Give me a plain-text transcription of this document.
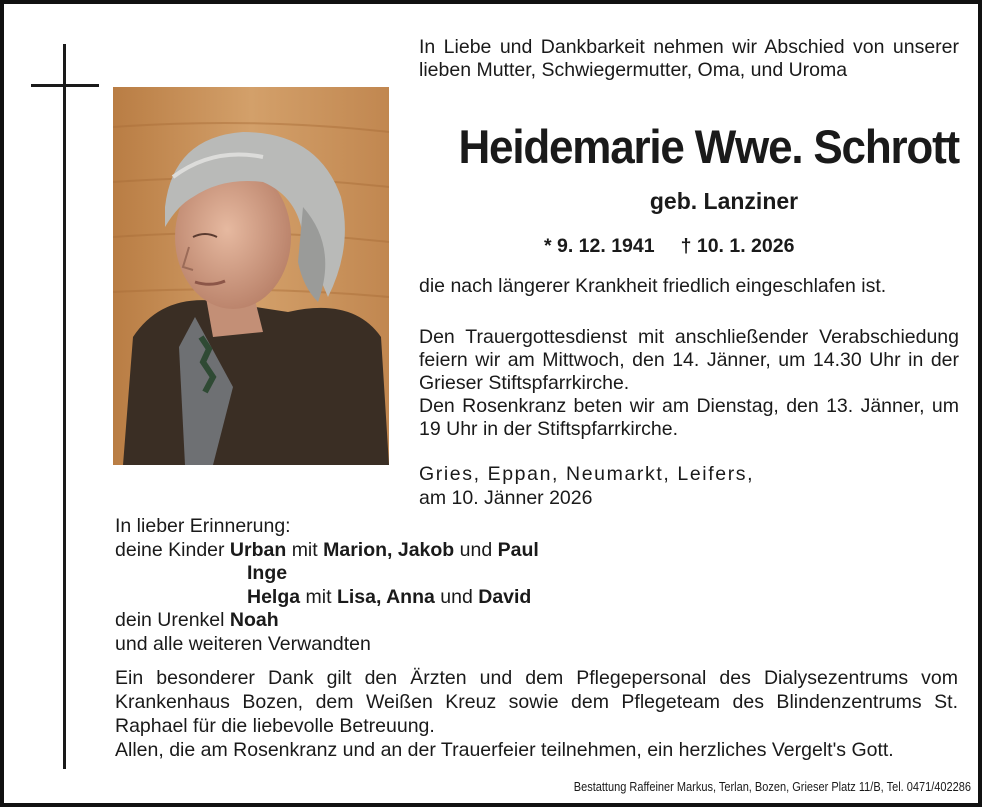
In Liebe und Dankbarkeit nehmen wir Abschied von unserer lieben Mutter, Schwiegermutter, Oma, und Uroma
Heidemarie Wwe. Schrott
geb. Lanziner
* 9. 12. 1941 † 10. 1. 2026
die nach längerer Krankheit friedlich eingeschlafen ist.
Den Trauergottesdienst mit anschließender Verabschiedung feiern wir am Mittwoch, den 14. Jänner, um 14.30 Uhr in der Grieser Stiftspfarrkirche.
Den Rosenkranz beten wir am Dienstag, den 13. Jänner, um 19 Uhr in der Stiftspfarrkirche.
Gries, Eppan, Neumarkt, Leifers,
am 10. Jänner 2026
In lieber Erinnerung:
deine Kinder Urban mit Marion, Jakob und Paul
Inge
Helga mit Lisa, Anna und David
dein Urenkel Noah
und alle weiteren Verwandten
Ein besonderer Dank gilt den Ärzten und dem Pflegepersonal des Dialysezentrums vom Krankenhaus Bozen, dem Weißen Kreuz sowie dem Pflegeteam des Blindenzentrums St. Raphael für die liebevolle Betreuung.
Allen, die am Rosenkranz und an der Trauerfeier teilnehmen, ein herzliches Vergelt's Gott.
Bestattung Raffeiner Markus, Terlan, Bozen, Grieser Platz 11/B, Tel. 0471/402286
